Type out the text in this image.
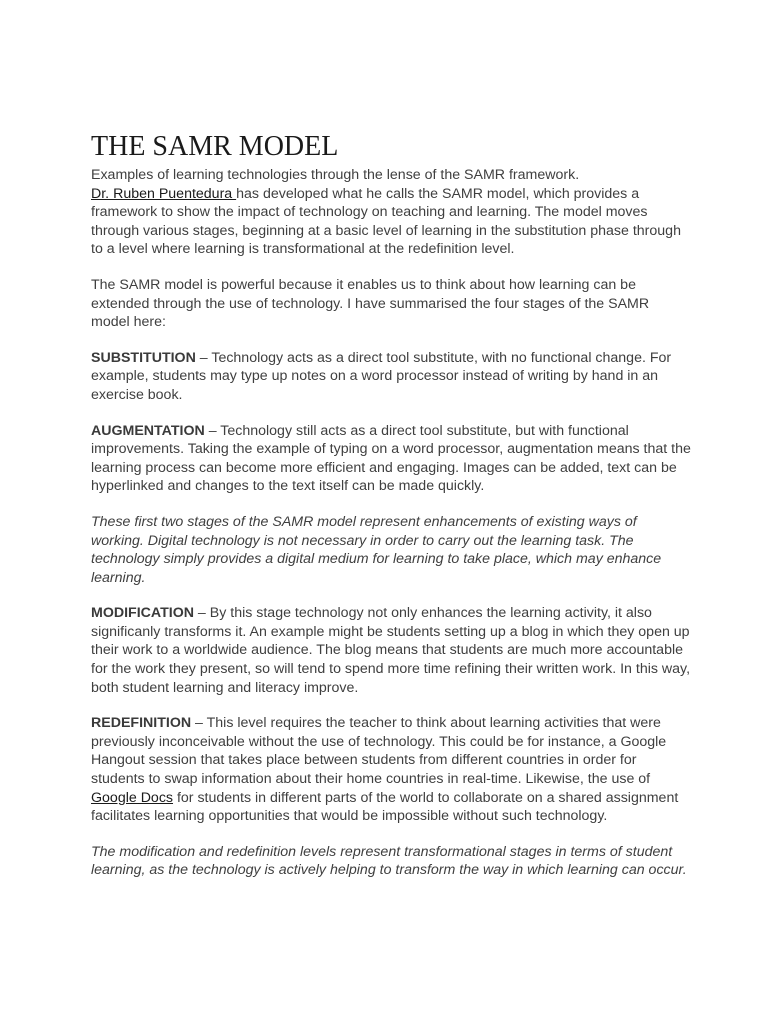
THE SAMR MODEL

Examples of learning technologies through the lense of the SAMR framework.
Dr. Ruben Puentedura has developed what he calls the SAMR model, which provides a framework to show the impact of technology on teaching and learning. The model moves through various stages, beginning at a basic level of learning in the substitution phase through to a level where learning is transformational at the redefinition level.

The SAMR model is powerful because it enables us to think about how learning can be extended through the use of technology. I have summarised the four stages of the SAMR model here:

SUBSTITUTION – Technology acts as a direct tool substitute, with no functional change. For example, students may type up notes on a word processor instead of writing by hand in an exercise book.

AUGMENTATION – Technology still acts as a direct tool substitute, but with functional improvements. Taking the example of typing on a word processor, augmentation means that the learning process can become more efficient and engaging. Images can be added, text can be hyperlinked and changes to the text itself can be made quickly.

These first two stages of the SAMR model represent enhancements of existing ways of working. Digital technology is not necessary in order to carry out the learning task. The technology simply provides a digital medium for learning to take place, which may enhance learning.

MODIFICATION – By this stage technology not only enhances the learning activity, it also significanly transforms it. An example might be students setting up a blog in which they open up their work to a worldwide audience. The blog means that students are much more accountable for the work they present, so will tend to spend more time refining their written work. In this way, both student learning and literacy improve.

REDEFINITION – This level requires the teacher to think about learning activities that were previously inconceivable without the use of technology. This could be for instance, a Google Hangout session that takes place between students from different countries in order for students to swap information about their home countries in real-time. Likewise, the use of Google Docs for students in different parts of the world to collaborate on a shared assignment facilitates learning opportunities that would be impossible without such technology.

The modification and redefinition levels represent transformational stages in terms of student learning, as the technology is actively helping to transform the way in which learning can occur.
